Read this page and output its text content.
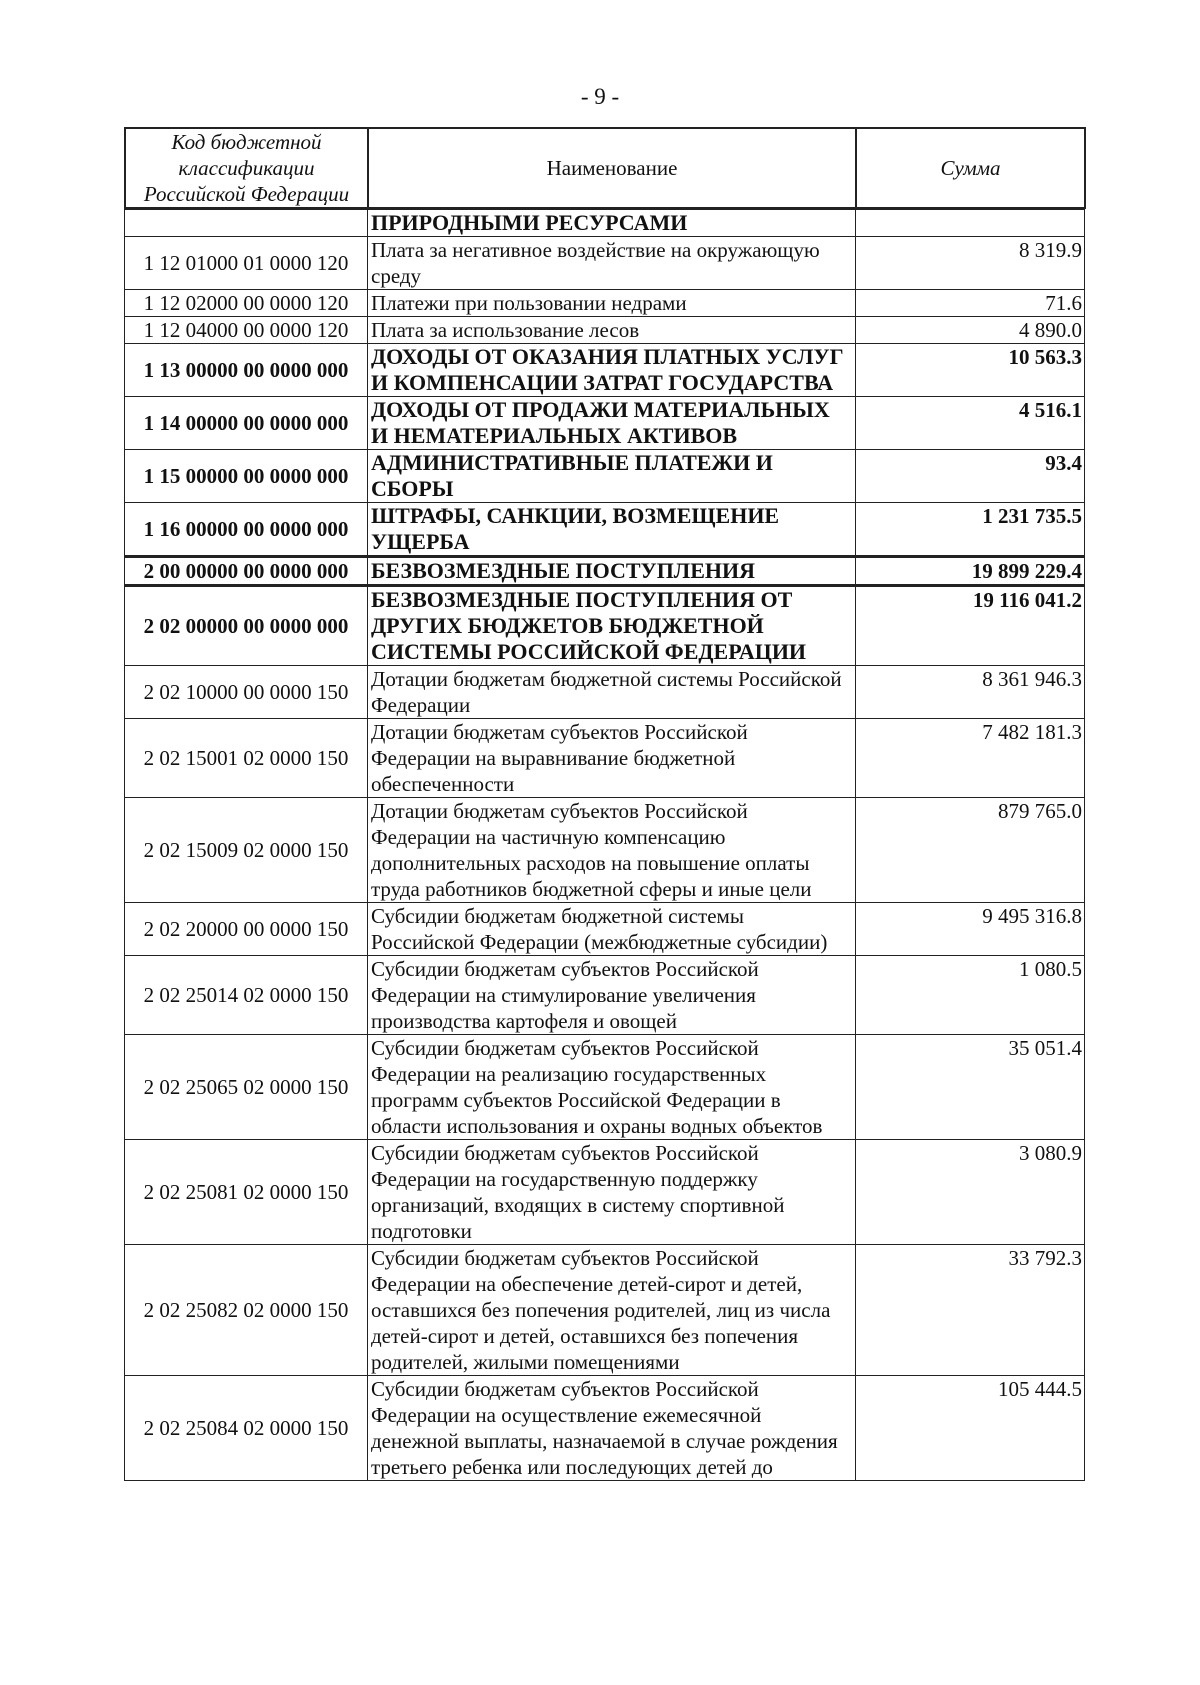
- 9 -
Код бюджетной классификации Российской Федерации	Наименование	Сумма
	ПРИРОДНЫМИ РЕСУРСАМИ	
1 12 01000 01 0000 120	Плата за негативное воздействие на окружающую среду	8 319.9
1 12 02000 00 0000 120	Платежи при пользовании недрами	71.6
1 12 04000 00 0000 120	Плата за использование лесов	4 890.0
1 13 00000 00 0000 000	ДОХОДЫ ОТ ОКАЗАНИЯ ПЛАТНЫХ УСЛУГ И КОМПЕНСАЦИИ ЗАТРАТ ГОСУДАРСТВА	10 563.3
1 14 00000 00 0000 000	ДОХОДЫ ОТ ПРОДАЖИ МАТЕРИАЛЬНЫХ И НЕМАТЕРИАЛЬНЫХ АКТИВОВ	4 516.1
1 15 00000 00 0000 000	АДМИНИСТРАТИВНЫЕ ПЛАТЕЖИ И СБОРЫ	93.4
1 16 00000 00 0000 000	ШТРАФЫ, САНКЦИИ, ВОЗМЕЩЕНИЕ УЩЕРБА	1 231 735.5
2 00 00000 00 0000 000	БЕЗВОЗМЕЗДНЫЕ ПОСТУПЛЕНИЯ	19 899 229.4
2 02 00000 00 0000 000	БЕЗВОЗМЕЗДНЫЕ ПОСТУПЛЕНИЯ ОТ ДРУГИХ БЮДЖЕТОВ БЮДЖЕТНОЙ СИСТЕМЫ РОССИЙСКОЙ ФЕДЕРАЦИИ	19 116 041.2
2 02 10000 00 0000 150	Дотации бюджетам бюджетной системы Российской Федерации	8 361 946.3
2 02 15001 02 0000 150	Дотации бюджетам субъектов Российской Федерации на выравнивание бюджетной обеспеченности	7 482 181.3
2 02 15009 02 0000 150	Дотации бюджетам субъектов Российской Федерации на частичную компенсацию дополнительных расходов на повышение оплаты труда работников бюджетной сферы и иные цели	879 765.0
2 02 20000 00 0000 150	Субсидии бюджетам бюджетной системы Российской Федерации (межбюджетные субсидии)	9 495 316.8
2 02 25014 02 0000 150	Субсидии бюджетам субъектов Российской Федерации на стимулирование увеличения производства картофеля и овощей	1 080.5
2 02 25065 02 0000 150	Субсидии бюджетам субъектов Российской Федерации на реализацию государственных программ субъектов Российской Федерации в области использования и охраны водных объектов	35 051.4
2 02 25081 02 0000 150	Субсидии бюджетам субъектов Российской Федерации на государственную поддержку организаций, входящих в систему спортивной подготовки	3 080.9
2 02 25082 02 0000 150	Субсидии бюджетам субъектов Российской Федерации на обеспечение детей-сирот и детей, оставшихся без попечения родителей, лиц из числа детей-сирот и детей, оставшихся без попечения родителей, жилыми помещениями	33 792.3
2 02 25084 02 0000 150	Субсидии бюджетам субъектов Российской Федерации на осуществление ежемесячной денежной выплаты, назначаемой в случае рождения третьего ребенка или последующих детей до	105 444.5
